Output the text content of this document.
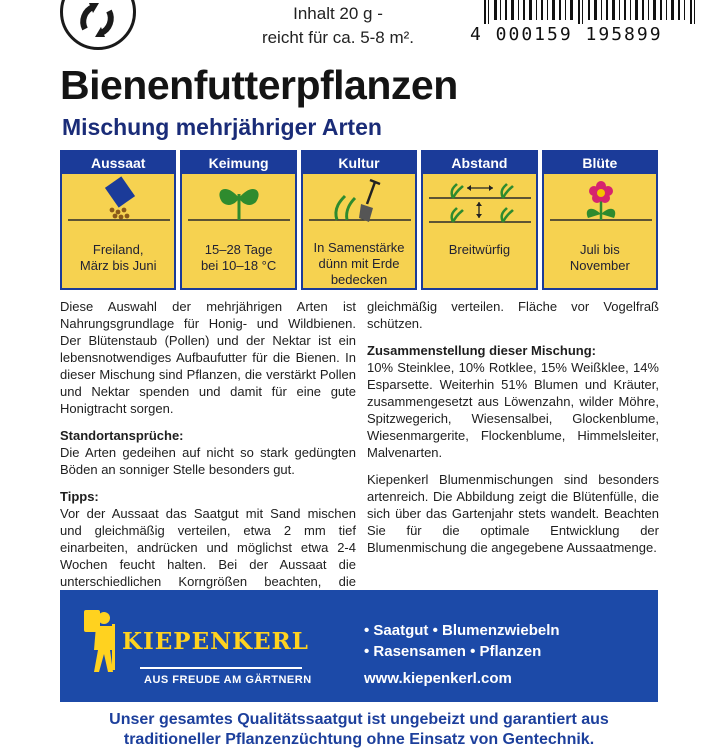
Inhalt 20 g -
reicht für ca. 5-8 m².	4 000159 195899
Bienenfutterpflanzen
Mischung mehrjähriger Arten
Aussaat
Freiland,
März bis Juni
Keimung
15–28 Tage
bei 10–18 °C
Kultur
In Samenstärke
dünn mit Erde
bedecken
Abstand
Breitwürfig
Blüte
Juli bis
November

Diese Auswahl der mehrjährigen Arten ist Nahrungsgrundlage für Honig- und Wildbienen. Der Blütenstaub (Pollen) und der Nektar ist ein lebensnotwendiges Aufbaufutter für die Bienen. In dieser Mischung sind Pflanzen, die verstärkt Pollen und Nektar spenden und damit für eine gute Honigtracht sorgen.

Standortansprüche:

Die Arten gedeihen auf nicht so stark gedüngten Böden an sonniger Stelle besonders gut.

Tipps:

Vor der Aussaat das Saatgut mit Sand mischen und gleichmäßig verteilen, etwa 2 mm tief einarbeiten, andrücken und möglichst etwa 2-4 Wochen feucht halten. Bei der Aussaat die unterschiedlichen Korngrößen beachten, die

gleichmäßig verteilen. Fläche vor Vogelfraß schützen.

Zusammenstellung dieser Mischung:

10% Steinklee, 10% Rotklee, 15% Weißklee, 14% Esparsette. Weiterhin 51% Blumen und Kräuter, zusammengesetzt aus Löwenzahn, wilder Möhre, Spitzwegerich, Wiesensalbei, Glockenblume, Wiesenmargerite, Flockenblume, Himmelsleiter, Malvenarten.

Kiepenkerl Blumenmischungen sind besonders artenreich. Die Abbildung zeigt die Blütenfülle, die sich über das Gartenjahr stets wandelt. Beachten Sie für die optimale Entwicklung der Blumenmischung die angegebene Aussaatmenge.

KIEPENKERL
AUS FREUDE AM GÄRTNERN
• Saatgut • Blumenzwiebeln
• Rasensamen • Pflanzen
www.kiepenkerl.com
Unser gesamtes Qualitätssaatgut ist ungebeizt und garantiert aus
traditioneller Pflanzenzüchtung ohne Einsatz von Gentechnik.
